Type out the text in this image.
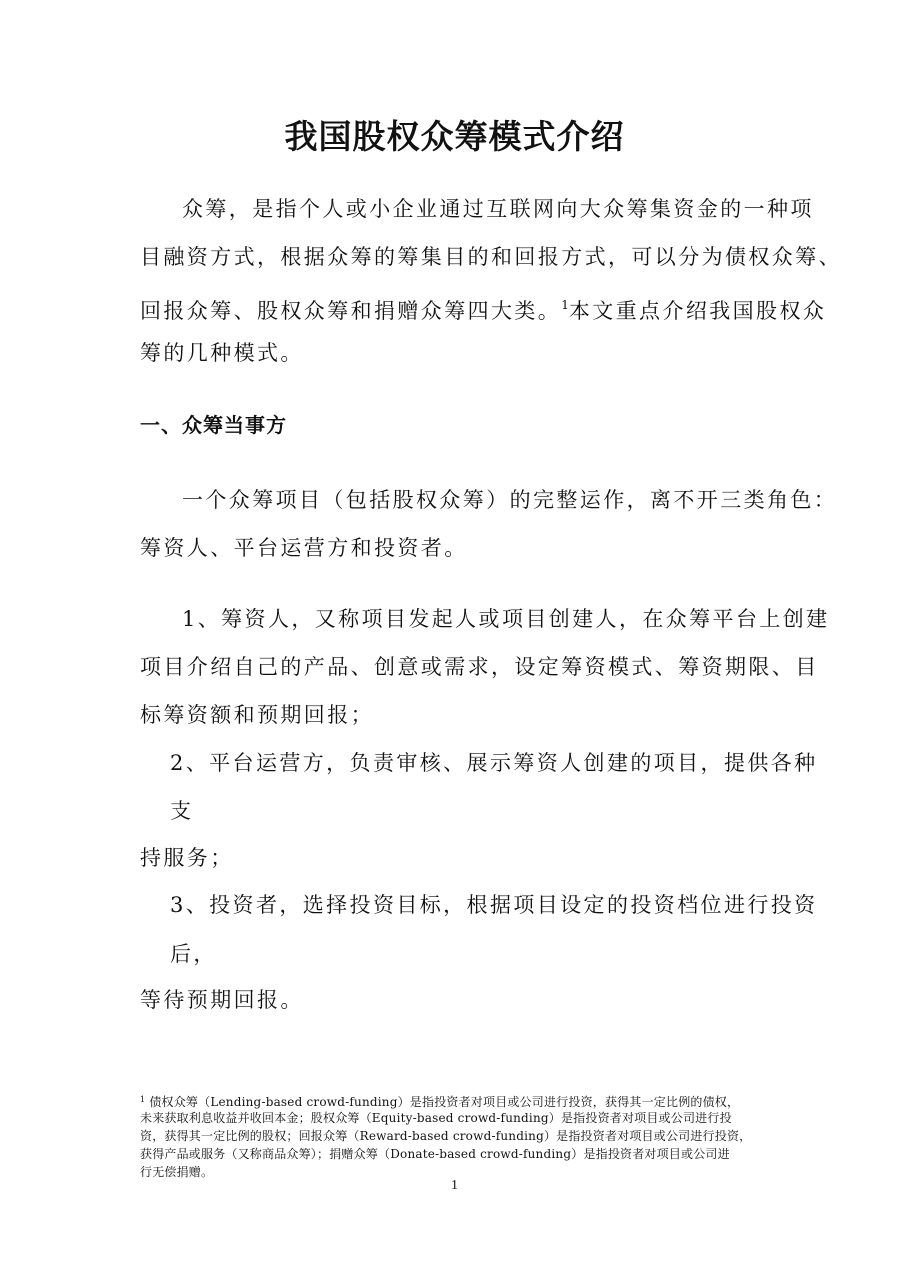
我国股权众筹模式介绍
众筹，是指个人或小企业通过互联网向大众筹集资金的一种项
目融资方式，根据众筹的筹集目的和回报方式，可以分为债权众筹、
回报众筹、股权众筹和捐赠众筹四大类。$^1$本文重点介绍我国股权众
筹的几种模式。
一、众筹当事方
一个众筹项目（包括股权众筹）的完整运作，离不开三类角色：
筹资人、平台运营方和投资者。
1、筹资人，又称项目发起人或项目创建人，在众筹平台上创建
项目介绍自己的产品、创意或需求，设定筹资模式、筹资期限、目
标筹资额和预期回报；
2、平台运营方，负责审核、展示筹资人创建的项目，提供各种
支
持服务；
3、投资者，选择投资目标，根据项目设定的投资档位进行投资
后，
等待预期回报。
$^1$ 债权众筹（Lending-based crowd-funding）是指投资者对项目或公司进行投资，获得其一定比例的债权，
未来获取利息收益并收回本金；股权众筹（Equity-based crowd-funding）是指投资者对项目或公司进行投
资，获得其一定比例的股权；回报众筹（Reward-based crowd-funding）是指投资者对项目或公司进行投资，
获得产品或服务（又称商品众筹）；捐赠众筹（Donate-based crowd-funding）是指投资者对项目或公司进
行无偿捐赠。
1
